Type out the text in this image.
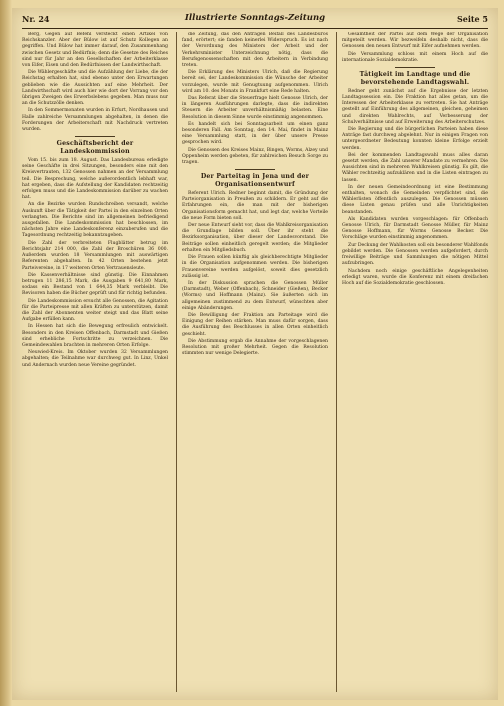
Nr. 24	Illustrierte Sonntags-Zeitung	Seite 5
Berg, Gegen auf Befehl versteckt einen Artikel von Reichskanzler. Aber der Bülow ist auf Schutz Kollegen an gegriffen. Und Bülow hat immer darauf, den Zusammenhang zwischen Gesetz und Bedürfnis; denn die Gesetze des Reiches sind nur für Jahr an den Gesellschaften der Arbeiterklasse von Eifer, Eisen und den Bedürfnissen der Landwirthschaft.
Die Wählergeschäfte und die Aufzählung der Liebe, die der Reichstag erhalten hat, sind ebenso unter den Erwartungen geblieben wie die Aussichten auf eine Mehrheit. Der Landwirthschaft wird auch hier wie dort der Vorrang vor den übrigen Zweigen des Erwerbslebens gegeben. Man muss nur an die Schutzzölle denken.
In den Sommermonaten wurden in Erfurt, Nordhausen und Halle zahlreiche Versammlungen abgehalten, in denen die Forderungen der Arbeiterschaft mit Nachdruck vertreten wurden.
Geschäftsbericht der Landeskommission
Vom 15. bis zum 18. August. Das Landesbureau erledigte seine Geschäfte in drei Sitzungen, besonders eine mit den Kreisvertrauten, 132 Genossen nahmen an der Versammlung teil. Die Besprechung, welche außerordentlich lebhaft war, hat ergeben, dass die Aufstellung der Kandidaten rechtzeitig erfolgen muss und die Landeskommission darüber zu wachen hat.
An die Bezirke wurden Rundschreiben versandt, welche Auskunft über die Tätigkeit der Partei in den einzelnen Orten verlangten. Die Berichte sind im allgemeinen befriedigend ausgefallen. Die Landeskommission hat beschlossen, im nächsten Jahre eine Landeskonferenz einzuberufen und die Tagesordnung rechtzeitig bekanntzugeben.
Die Zahl der verbreiteten Flugblätter betrug im Berichtsjahr 214 000, die Zahl der Broschüren 36 000. Außerdem wurden 18 Versammlungen mit auswärtigen Referenten abgehalten. In 42 Orten bestehen jetzt Parteivereine, in 17 weiteren Orten Vertrauensleute.
Die Kassenverhältnisse sind günstig. Die Einnahmen betrugen 11 286,15 Mark, die Ausgaben 9 641,80 Mark, sodass ein Bestand von 1 644,35 Mark verbleibt. Die Revisoren haben die Bücher geprüft und für richtig befunden.
Die Landeskommission ersucht alle Genossen, die Agitation für die Parteipresse mit allen Kräften zu unterstützen, damit die Zahl der Abonnenten weiter steigt und das Blatt seine Aufgabe erfüllen kann.
In Hessen hat sich die Bewegung erfreulich entwickelt. Besonders in den Kreisen Offenbach, Darmstadt und Gießen sind erhebliche Fortschritte zu verzeichnen. Die Gemeindewahlen brachten in mehreren Orten Erfolge.
Neuwied-Kreis. Im Oktober wurden 32 Versammlungen abgehalten; die Teilnahme war durchweg gut. In Linz, Unkel und Andernach wurden neue Vereine gegründet.
die Zeitung, das den Anträgen Beifall des Landesbüros fand, erörtert; sie fanden keinerlei Widerspruch. Es ist nach der Verordnung des Ministers der Arbeit und der Verkehrsminister Unterzeichnung nötig, dass die Berufsgenossenschaften mit den Arbeitern in Verbindung treten.
Die Erklärung des Ministers Ulrich, daß die Regierung bereit sei, der Landeskommission die Wünsche der Arbeiter vorzulegen, wurde mit Genugtuung aufgenommen. Ulrich wird am 10. des Monats in Frankfurt eine Rede halten.
Das Referat über die Steuerfrage hielt Genosse Ulrich, der in längeren Ausführungen darlegte, dass die indirekten Steuern die Arbeiter unverhältnismäßig belasten. Eine Resolution in diesem Sinne wurde einstimmig angenommen.
Es handelt sich bei Sonntagsarbeit um einen ganz besonderen Fall. Am Sonntag, den 14. Mai, findet in Mainz eine Versammlung statt, in der über unsere Presse gesprochen wird.
Die Genossen des Kreises Mainz, Bingen, Worms, Alzey und Oppenheim werden gebeten, für zahlreichen Besuch Sorge zu tragen.
Der Parteitag in Jena und der Organisationsentwurf
Referent Ulrich. Redner beginnt damit, die Gründung der Parteiorganisation in Preußen zu schildern. Er geht auf die Erfahrungen ein, die man mit der bisherigen Organisationsform gemacht hat, und legt dar, welche Vorteile die neue Form bieten soll.
Der neue Entwurf sieht vor, dass die Wahlkreisorganisation die Grundlage bilden soll. Über ihr steht die Bezirksorganisation, über dieser der Landesvorstand. Die Beiträge sollen einheitlich geregelt werden; die Mitglieder erhalten ein Mitgliedsbuch.
Die Frauen sollen künftig als gleichberechtigte Mitglieder in die Organisation aufgenommen werden. Die bisherigen Frauenvereine werden aufgelöst, soweit dies gesetzlich zulässig ist.
In der Diskussion sprachen die Genossen Müller (Darmstadt), Weber (Offenbach), Schneider (Gießen), Becker (Worms) und Hoffmann (Mainz). Sie äußerten sich im allgemeinen zustimmend zu dem Entwurf, wünschten aber einige Abänderungen.
Die Bewilligung der Fraktion am Parteitage wird die Einigung der Reihen stärken. Man muss dafür sorgen, dass die Ausführung des Beschlusses in allen Orten einheitlich geschieht.
Die Abstimmung ergab die Annahme der vorgeschlagenen Resolution mit großer Mehrheit. Gegen die Resolution stimmten nur wenige Delegierte.
Gesamtheit der Partei auf dem Wege der Organisation mitgeteilt werden. Wir bezweifeln deshalb nicht, dass die Genossen den neuen Entwurf mit Eifer aufnehmen werden.
Die Versammlung schloss mit einem Hoch auf die internationale Sozialdemokratie.
Tätigkeit im Landtage und die bevorstehende Landtagswahl.
Redner geht zunächst auf die Ergebnisse der letzten Landtagssession ein. Die Fraktion hat alles getan, um die Interessen der Arbeiterklasse zu vertreten. Sie hat Anträge gestellt auf Einführung des allgemeinen, gleichen, geheimen und direkten Wahlrechts, auf Verbesserung der Schulverhältnisse und auf Erweiterung des Arbeiterschutzes.
Die Regierung und die bürgerlichen Parteien haben diese Anträge fast durchweg abgelehnt. Nur in einigen Fragen von untergeordneter Bedeutung konnten kleine Erfolge erzielt werden.
Bei der kommenden Landtagswahl muss alles daran gesetzt werden, die Zahl unserer Mandate zu vermehren. Die Aussichten sind in mehreren Wahlkreisen günstig. Es gilt, die Wähler rechtzeitig aufzuklären und in die Listen eintragen zu lassen.
In der neuen Gemeindeordnung ist eine Bestimmung enthalten, wonach die Gemeinden verpflichtet sind, die Wählerlisten öffentlich auszulegen. Die Genossen müssen diese Listen genau prüfen und alle Unrichtigkeiten beanstanden.
Als Kandidaten wurden vorgeschlagen: für Offenbach Genosse Ulrich, für Darmstadt Genosse Müller, für Mainz Genosse Hoffmann, für Worms Genosse Becker. Die Vorschläge wurden einstimmig angenommen.
Zur Deckung der Wahlkosten soll ein besonderer Wahlfonds gebildet werden. Die Genossen werden aufgefordert, durch freiwillige Beiträge und Sammlungen die nötigen Mittel aufzubringen.
Nachdem noch einige geschäftliche Angelegenheiten erledigt waren, wurde die Konferenz mit einem dreifachen Hoch auf die Sozialdemokratie geschlossen.
